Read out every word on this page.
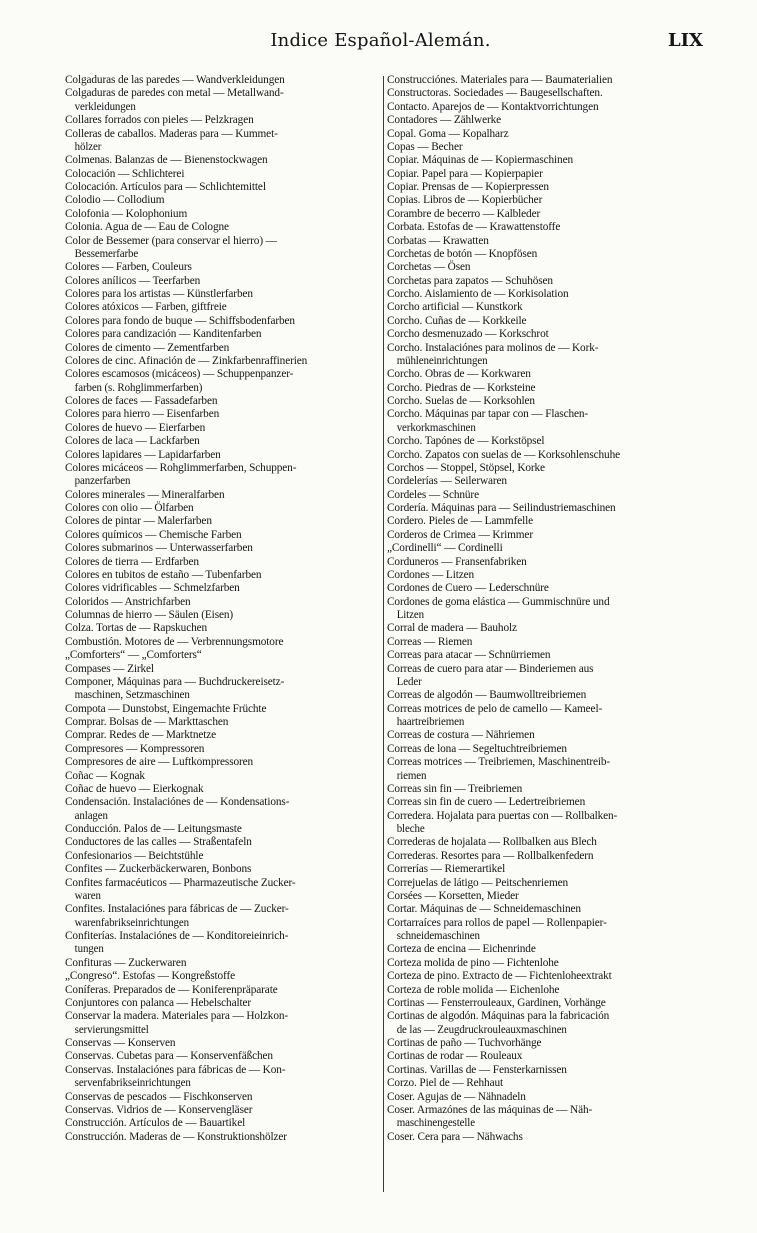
Indice Español-Alemán.	LIX
Colgaduras de las paredes — Wandverkleidungen
Colgaduras de paredes con metal — Metallwand-
verkleidungen
Collares forrados con pieles — Pelzkragen
Colleras de caballos. Maderas para — Kummet-
hölzer
Colmenas. Balanzas de — Bienenstockwagen
Colocación — Schlichterei
Colocación. Artículos para — Schlichtemittel
Colodio — Collodium
Colofonia — Kolophonium
Colonia. Agua de — Eau de Cologne
Color de Bessemer (para conservar el hierro) —
Bessemerfarbe
Colores — Farben, Couleurs
Colores anílicos — Teerfarben
Colores para los artistas — Künstlerfarben
Colores atóxicos — Farben, giftfreie
Colores para fondo de buque — Schiffsbodenfarben
Colores para candización — Kanditenfarben
Colores de cimento — Zementfarben
Colores de cinc. Afinación de — Zinkfarbenraffinerien
Colores escamosos (micáceos) — Schuppenpanzer-
farben (s. Rohglimmerfarben)
Colores de faces — Fassadefarben
Colores para hierro — Eisenfarben
Colores de huevo — Eierfarben
Colores de laca — Lackfarben
Colores lapidares — Lapidarfarben
Colores micáceos — Rohglimmerfarben, Schuppen-
panzerfarben
Colores minerales — Mineralfarben
Colores con olio — Ölfarben
Colores de pintar — Malerfarben
Colores químicos — Chemische Farben
Colores submarinos — Unterwasserfarben
Colores de tierra — Erdfarben
Colores en tubitos de estaño — Tubenfarben
Colores vidrificables — Schmelzfarben
Coloridos — Anstrichfarben
Columnas de hierro — Säulen (Eisen)
Colza. Tortas de — Rapskuchen
Combustión. Motores de — Verbrennungsmotore
„Comforters“ — „Comforters“
Compases — Zirkel
Componer, Máquinas para — Buchdruckereisetz-
maschinen, Setzmaschinen
Compota — Dunstobst, Eingemachte Früchte
Comprar. Bolsas de — Markttaschen
Comprar. Redes de — Marktnetze
Compresores — Kompressoren
Compresores de aire — Luftkompressoren
Coñac — Kognak
Coñac de huevo — Eierkognak
Condensación. Instalaciónes de — Kondensations-
anlagen
Conducción. Palos de — Leitungsmaste
Conductores de las calles — Straßentafeln
Confesionarios — Beichtstühle
Confites — Zuckerbäckerwaren, Bonbons
Confites farmacéuticos — Pharmazeutische Zucker-
waren
Confites. Instalaciónes para fábricas de — Zucker-
warenfabrikseinrichtungen
Confiterías. Instalaciónes de — Konditoreieinrich-
tungen
Confituras — Zuckerwaren
„Congreso“. Estofas — Kongreßstoffe
Coníferas. Preparados de — Koniferenpräparate
Conjuntores con palanca — Hebelschalter
Conservar la madera. Materiales para — Holzkon-
servierungsmittel
Conservas — Konserven
Conservas. Cubetas para — Konservenfäßchen
Conservas. Instalaciónes para fábricas de — Kon-
servenfabrikseinrichtungen
Conservas de pescados — Fischkonserven
Conservas. Vidrios de — Konservengläser
Construcción. Artículos de — Bauartikel
Construcción. Maderas de — Konstruktionshölzer
Construcciónes. Materiales para — Baumaterialien
Constructoras. Sociedades — Baugesellschaften.
Contacto. Aparejos de — Kontaktvorrichtungen
Contadores — Zählwerke
Copal. Goma — Kopalharz
Copas — Becher
Copiar. Máquinas de — Kopiermaschinen
Copiar. Papel para — Kopierpapier
Copiar. Prensas de — Kopierpressen
Copias. Libros de — Kopierbücher
Corambre de becerro — Kalbleder
Corbata. Estofas de — Krawattenstoffe
Corbatas — Krawatten
Corchetas de botón — Knopfösen
Corchetas — Ösen
Corchetas para zapatos — Schuhösen
Corcho. Aislamiento de — Korkisolation
Corcho artificial — Kunstkork
Corcho. Cuñas de — Korkkeile
Corcho desmenuzado — Korkschrot
Corcho. Instalaciónes para molinos de — Kork-
mühleneinrichtungen
Corcho. Obras de — Korkwaren
Corcho. Piedras de — Korksteine
Corcho. Suelas de — Korksohlen
Corcho. Máquinas par tapar con — Flaschen-
verkorkmaschinen
Corcho. Tapónes de — Korkstöpsel
Corcho. Zapatos con suelas de — Korksohlenschuhe
Corchos — Stoppel, Stöpsel, Korke
Cordelerías — Seilerwaren
Cordeles — Schnüre
Cordería. Máquinas para — Seilindustriemaschinen
Cordero. Pieles de — Lammfelle
Corderos de Crimea — Krimmer
„Cordinelli“ — Cordinelli
Corduneros — Fransenfabriken
Cordones — Litzen
Cordones de Cuero — Lederschnüre
Cordones de goma elástica — Gummischnüre und
Litzen
Corral de madera — Bauholz
Correas — Riemen
Correas para atacar — Schnürriemen
Correas de cuero para atar — Binderiemen aus
Leder
Correas de algodón — Baumwolltreibriemen
Correas motrices de pelo de camello — Kameel-
haartreibriemen
Correas de costura — Nähriemen
Correas de lona — Segeltuchtreibriemen
Correas motrices — Treibriemen, Maschinentreib-
riemen
Correas sin fin — Treibriemen
Correas sin fin de cuero — Ledertreibriemen
Corredera. Hojalata para puertas con — Rollbalken-
bleche
Correderas de hojalata — Rollbalken aus Blech
Correderas. Resortes para — Rollbalkenfedern
Correrías — Riemerartikel
Correjuelas de látigo — Peitschenriemen
Corsées — Korsetten, Mieder
Cortar. Máquinas de — Schneidemaschinen
Cortarraíces para rollos de papel — Rollenpapier-
schneidemaschinen
Corteza de encina — Eichenrinde
Corteza molida de pino — Fichtenlohe
Corteza de pino. Extracto de — Fichtenloheextrakt
Corteza de roble molida — Eichenlohe
Cortinas — Fensterrouleaux, Gardinen, Vorhänge
Cortinas de algodón. Máquinas para la fabricación
de las — Zeugdruckrouleauxmaschinen
Cortinas de paño — Tuchvorhänge
Cortinas de rodar — Rouleaux
Cortinas. Varillas de — Fensterkarnissen
Corzo. Piel de — Rehhaut
Coser. Agujas de — Nähnadeln
Coser. Armazónes de las máquinas de — Näh-
maschinengestelle
Coser. Cera para — Nähwachs
